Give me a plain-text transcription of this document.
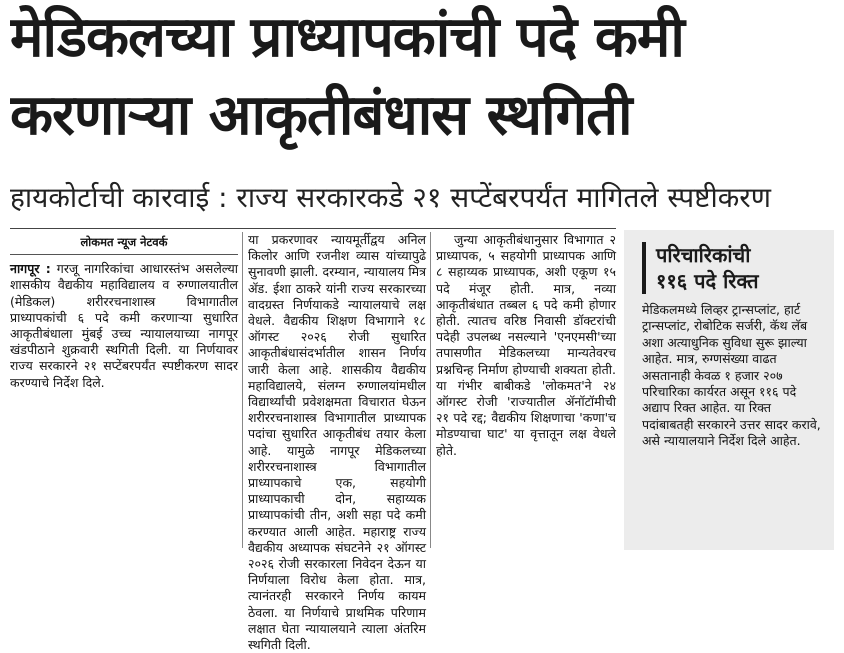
मेडिकलच्या प्राध्यापकांची पदे कमी
करणाऱ्या आकृतीबंधास स्थगिती
हायकोर्टाची कारवाई : राज्य सरकारकडे २१ सप्टेंबरपर्यंत मागितले स्पष्टीकरण
लोकमत न्यूज नेटवर्क

नागपूर : गरजू नागरिकांचा आधारस्तंभ असलेल्या शासकीय वैद्यकीय महाविद्यालय व रुग्णालयातील (मेडिकल) शरीररचनाशास्त्र विभागातील प्राध्यापकांची ६ पदे कमी करणाऱ्या सुधारित आकृतीबंधाला मुंबई उच्च न्यायालयाच्या नागपूर खंडपीठाने शुक्रवारी स्थगिती दिली. या निर्णयावर राज्य सरकारने २१ सप्टेंबरपर्यंत स्पष्टीकरण सादर करण्याचे निर्देश दिले.

या प्रकरणावर न्यायमूर्तीद्वय अनिल किलोर आणि रजनीश व्यास यांच्यापुढे सुनावणी झाली. दरम्यान, न्यायालय मित्र ॲड. ईशा ठाकरे यांनी राज्य सरकारच्या वादग्रस्त निर्णयाकडे न्यायालयाचे लक्ष वेधले. वैद्यकीय शिक्षण विभागाने १८ ऑगस्ट २०२६ रोजी सुधारित आकृतीबंधासंदर्भातील शासन निर्णय जारी केला आहे. शासकीय वैद्यकीय महाविद्यालये, संलग्न रुग्णालयांमधील विद्यार्थ्यांची प्रवेशक्षमता विचारात घेऊन शरीररचनाशास्त्र विभागातील प्राध्यापक पदांचा सुधारित आकृतीबंध तयार केला आहे. यामुळे नागपूर मेडिकलच्या शरीररचनाशास्त्र विभागातील प्राध्यापकाचे एक, सहयोगी प्राध्यापकाची दोन, सहाय्यक प्राध्यापकांची तीन, अशी सहा पदे कमी करण्यात आली आहेत. महाराष्ट्र राज्य वैद्यकीय अध्यापक संघटनेने २१ ऑगस्ट २०२६ रोजी सरकारला निवेदन देऊन या निर्णयाला विरोध केला होता. मात्र, त्यानंतरही सरकारने निर्णय कायम ठेवला. या निर्णयाचे प्राथमिक परिणाम लक्षात घेता न्यायालयाने त्याला अंतरिम स्थगिती दिली.

जुन्या आकृतीबंधानुसार विभागात २ प्राध्यापक, ५ सहयोगी प्राध्यापक आणि ८ सहाय्यक प्राध्यापक, अशी एकूण १५ पदे मंजूर होती. मात्र, नव्या आकृतीबंधात तब्बल ६ पदे कमी होणार होती. त्यातच वरिष्ठ निवासी डॉक्टरांची पदेही उपलब्ध नसल्याने 'एनएमसी'च्या तपासणीत मेडिकलच्या मान्यतेवरच प्रश्नचिन्ह निर्माण होण्याची शक्यता होती. या गंभीर बाबीकडे 'लोकमत'ने २४ ऑगस्ट रोजी 'राज्यातील ॲनॉटॉमीची २१ पदे रद्द; वैद्यकीय शिक्षणाचा 'कणा'च मोडण्याचा घाट' या वृत्तातून लक्ष वेधले होते.

परिचारिकांची
११६ पदे रिक्त

मेडिकलमध्ये लिव्हर ट्रान्सप्लांट, हार्ट ट्रान्सप्लांट, रोबोटिक सर्जरी, कॅथ लॅब अशा अत्याधुनिक सुविधा सुरू झाल्या आहेत. मात्र, रुग्णसंख्या वाढत असतानाही केवळ १ हजार २०७ परिचारिका कार्यरत असून ११६ पदे अद्याप रिक्त आहेत. या रिक्त पदांबाबतही सरकारने उत्तर सादर करावे, असे न्यायालयाने निर्देश दिले आहेत.
